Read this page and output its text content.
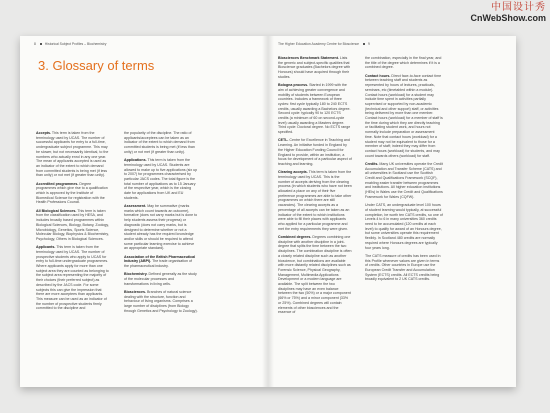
中国设计秀
CnWebShow.com
8	Historical Subject Profiles – Biochemistry
3. Glossary of terms

Accepts. This term is taken from the terminology used by UCAS. The number of successful applicants for entry to a full-time, undergraduate subject programme. This may be slower, but not necessarily identical, to the numbers who actually enrol in any one year. The mean of applicants accepted is used as an indicator of the extent to which demand from committed students is being met (if less than unity) or not met (if greater than unity).

Accredited programmes. Degree programmes which give rise to a qualification which is approved by the Institute of Biomedical Science for registration with the Health Professions Council.

All Biological Sciences. This term is taken from the classification used by HESA, and includes broadly based programmes within Biological Sciences, Biology, Botany, Zoology, Microbiology, Genetics, Sports Science, Molecular Biology, Biophysics & Biochemistry, Psychology, Others in Biological Sciences.

Applicants. This term is taken from the terminology used by UCAS. The number of prospective students who apply to UCAS for entry to full-time undergraduate programmes. Where applicants apply for more than one subject area they are counted as belonging to the subject area representing the majority of their choices (their preferred subject) as described by the JACS code. For some subjects this can give the impression that there are more acceptees than applicants. This measure can be used as an indicator of the number of prospective students firmly committed to the discipline and

the popularity of the discipline. The ratio of applicants/acceptees can be taken as an indicator of the extent to which demand from committed students is being met (if less than unity) or not met (if greater than unity).

Applications. This term is taken from the terminology used by UCAS. Students are allowed to make up to five applications (six up to 2007) for programmes characterised by particular JACS codes. The total figure is the total number of applications as to 15 January of the respective year, which is the closing date for applications from UK and EU students.

Assessment. May be summative (marks marks which count towards an outcome), formative (does not carry marks but is done to help students assess their progress) or diagnostic (does not carry marks, but is designed to determine whether or not a student already has the required knowledge and/or skills or should be required to attend some particular learning exercise to achieve an appropriate standard).

Association of the British Pharmaceutical Industry (ABPI). The trade organisation of the pharmaceutical industry.

Biochemistry. Defined generally as the study of the molecular processes and transformations in living cells.

Biosciences. Branches of natural science dealing with the structure, function and behaviour of living organisms. Comprises a large number of disciplines (from Biology through Genetics and Psychology to Zoology).

The Higher Education Academy Centre for Bioscience	9

Biosciences Benchmark Statement. Lists the generic and subject-specific qualities that Bioscience graduates (Bachelors degree with Honours) should have acquired through their studies.

Bologna process. Started in 1999 with the aim of achieving greater convergence and mobility of students between European countries. Includes a framework of three cycles: first cycle typically 180 to 240 ECTS credits, usually awarding a Bachelors degree. Second cycle: typically 90 to 120 ECTS credits (a minimum of 60 on second-cycle level) usually awarding a Masters degree. Third cycle: Doctoral degree. No ECTS range specified.

CETL. Centre for Excellence in Teaching and Learning. An initiative funded in England by the Higher Education Funding Council for England to provide, within an institution, a focus for development of a particular aspect of teaching and learning.

Clearing accepts. This term is taken from the terminology used by UCAS. This is the number of accepts deriving from the clearing process (in which students who have not been allocated a place on any of their five preference programmes are able to take other programmes on which there are still vacancies). The clearing accepts as a percentage of all accepts can be taken as an indicator of the extent to which institutions were able to fill their places with applicants who applied for a particular programme and met the entry requirements they were given.

Combined degrees. Degrees combining one discipline with another discipline in a joint-degree that splits the time between the two disciplines. The combination discipline is often a closely related discipline such as another bioscience, but combinations are available with more distantly related disciplines such as Forensic Science, Physical Geography, Management, Multimedia Applications Development or a modern language are available. The split between the two disciplines may have an even balance between the two (50%) or a major component (66% or 75%) and a minor component (33% or 25%). Combined degrees will contain elements of other biosciences and the essence of

the combination, especially in the final year, and the title of the degree which determines if it is a combined degree.

Contact hours. Direct face-to-face contact time between teaching staff and students as represented by hours of lectures, practicals, seminars, etc (timetabled within a module). Contact hours (workload) for a student may include time spent in activities partially supervised or supported by non-academic (technical and other support) staff, or activities being delivered by more than one member. Contact hours (workload) for a member of staff is the time during which they are directly teaching or facilitating student work, and hours not normally include preparation or assessment time. Note that contact hours (workload) for a student may not be equivalent to those for a member of staff; indeed they may differ from contact hours (workload) for students, and may count towards others (workload) for staff.

Credits. Many UK universities operate the Credit Accumulation and Transfer Scheme (CATS) and all universities in Scotland use the Scottish Credit and Qualifications Framework (SCQF), enabling easier transfer between programmes and institutions. All higher education institutions (HEIs) in Wales use the Credit and Qualifications Framework for Wales (CQFW).

Under CATS, an undergraduate level 100 hours of student learning would typically, at successful completion, be worth ten CATS credits, so one of Levels 4 to 6 in many universities 360 credits need to be accumulated (120 credits at each level) to qualify for award of an Honours degree, but some universities operate this requirement flexibly. In Scotland 480 credits are normally required where Honours degrees are typically four years long.

The CATS measure of credits has been used in this Profile whenever values are given in terms of credits. Other countries in Europe use the European Credit Transfer and Accumulation System (ECTS) credits. All ECTS credits being broadly equivalent to 2 UK CATS credits.
